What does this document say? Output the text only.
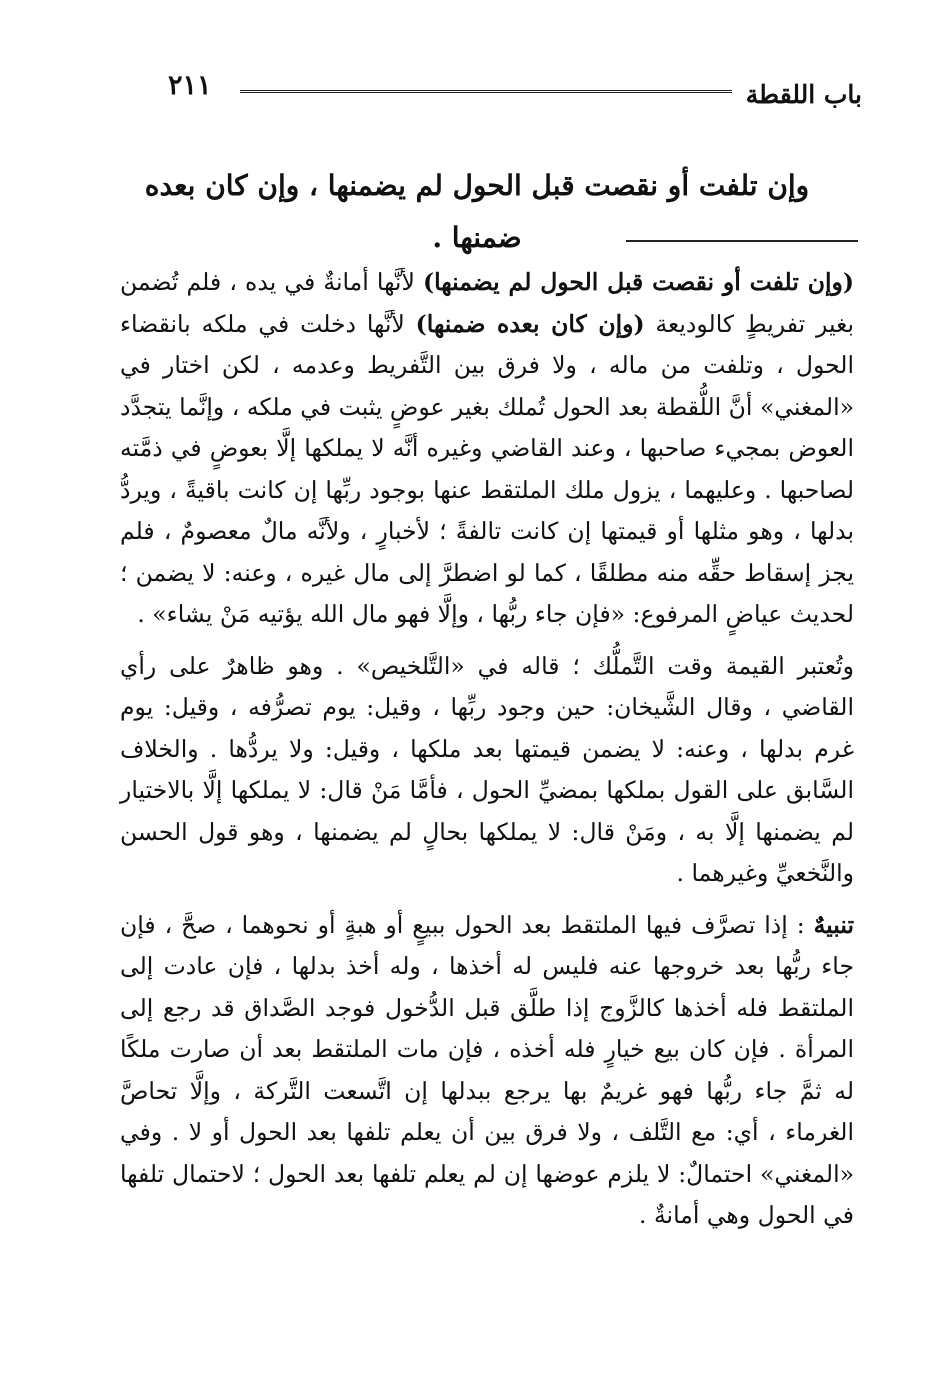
باب اللقطة
٢١١
وإن تلفت أو نقصت قبل الحول لم يضمنها ، وإن كان بعده ضمنها .

(وإن تلفت أو نقصت قبل الحول لم يضمنها) لأنَّها أمانةٌ في يده ، فلم تُضمن بغير تفريطٍ كالوديعة (وإن كان بعده ضمنها) لأنَّها دخلت في ملكه بانقضاء الحول ، وتلفت من ماله ، ولا فرق بين التَّفريط وعدمه ، لكن اختار في «المغني» أنَّ اللُّقطة بعد الحول تُملك بغير عوضٍ يثبت في ملكه ، وإنَّما يتجدَّد العوض بمجيء صاحبها ، وعند القاضي وغيره أنَّه لا يملكها إلَّا بعوضٍ في ذمَّته لصاحبها . وعليهما ، يزول ملك الملتقط عنها بوجود ربِّها إن كانت باقيةً ، ويردُّ بدلها ، وهو مثلها أو قيمتها إن كانت تالفةً ؛ لأخبارٍ ، ولأنَّه مالٌ معصومٌ ، فلم يجز إسقاط حقِّه منه مطلقًا ، كما لو اضطرَّ إلى مال غيره ، وعنه: لا يضمن ؛ لحديث عياضٍ المرفوع: «فإن جاء ربُّها ، وإلَّا فهو مال الله يؤتيه مَنْ يشاء» .

وتُعتبر القيمة وقت التَّملُّك ؛ قاله في «التَّلخيص» . وهو ظاهرٌ على رأي القاضي ، وقال الشَّيخان: حين وجود ربِّها ، وقيل: يوم تصرُّفه ، وقيل: يوم غرم بدلها ، وعنه: لا يضمن قيمتها بعد ملكها ، وقيل: ولا يردُّها . والخلاف السَّابق على القول بملكها بمضيِّ الحول ، فأمَّا مَنْ قال: لا يملكها إلَّا بالاختيار لم يضمنها إلَّا به ، ومَنْ قال: لا يملكها بحالٍ لم يضمنها ، وهو قول الحسن والنَّخعيِّ وغيرهما .

تنبيهٌ : إذا تصرَّف فيها الملتقط بعد الحول ببيعٍ أو هبةٍ أو نحوهما ، صحَّ ، فإن جاء ربُّها بعد خروجها عنه فليس له أخذها ، وله أخذ بدلها ، فإن عادت إلى الملتقط فله أخذها كالزَّوج إذا طلَّق قبل الدُّخول فوجد الصَّداق قد رجع إلى المرأة . فإن كان بيع خيارٍ فله أخذه ، فإن مات الملتقط بعد أن صارت ملكًا له ثمَّ جاء ربُّها فهو غريمٌ بها يرجع ببدلها إن اتَّسعت التَّركة ، وإلَّا تحاصَّ الغرماء ، أي: مع التَّلف ، ولا فرق بين أن يعلم تلفها بعد الحول أو لا . وفي «المغني» احتمالٌ: لا يلزم عوضها إن لم يعلم تلفها بعد الحول ؛ لاحتمال تلفها في الحول وهي أمانةٌ .
